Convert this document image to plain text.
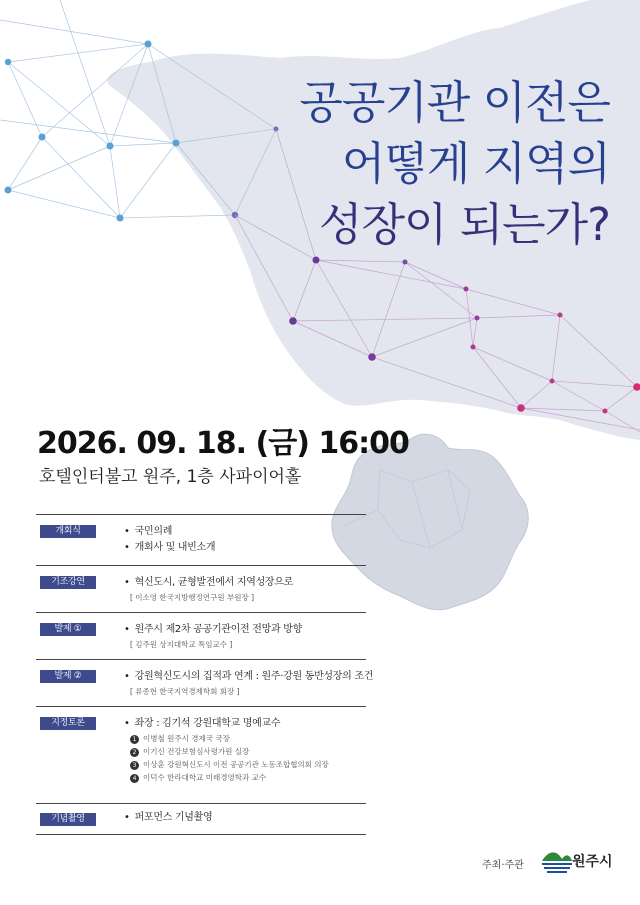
공공기관 이전은
어떻게 지역의
성장이 되는가?
2026. 09. 18. (금) 16:00
호텔인터불고 원주, 1층 사파이어홀
개회식	• 국민의례
• 개회사 및 내빈소개
기조강연	• 혁신도시, 균형발전에서 지역성장으로
[ 이소영 한국지방행정연구원 부원장 ]
발제 ①	• 원주시 제2차 공공기관이전 전망과 방향
[ 김주원 상지대학교 특임교수 ]
발제 ②	• 강원혁신도시의 집적과 연계 : 원주·강원 동반성장의 조건
[ 류종현 한국지역경제학회 회장 ]
지정토론	• 좌장 : 김기석 강원대학교 명예교수
1 이병철 원주시 경제국 국장
2 이기신 건강보험심사평가원 실장
3 이상훈 강원혁신도시 이전 공공기관 노동조합협의회 의장
4 이덕수 한라대학교 미래경영학과 교수
기념촬영	• 퍼포먼스 기념촬영
주최·주관	원주시
